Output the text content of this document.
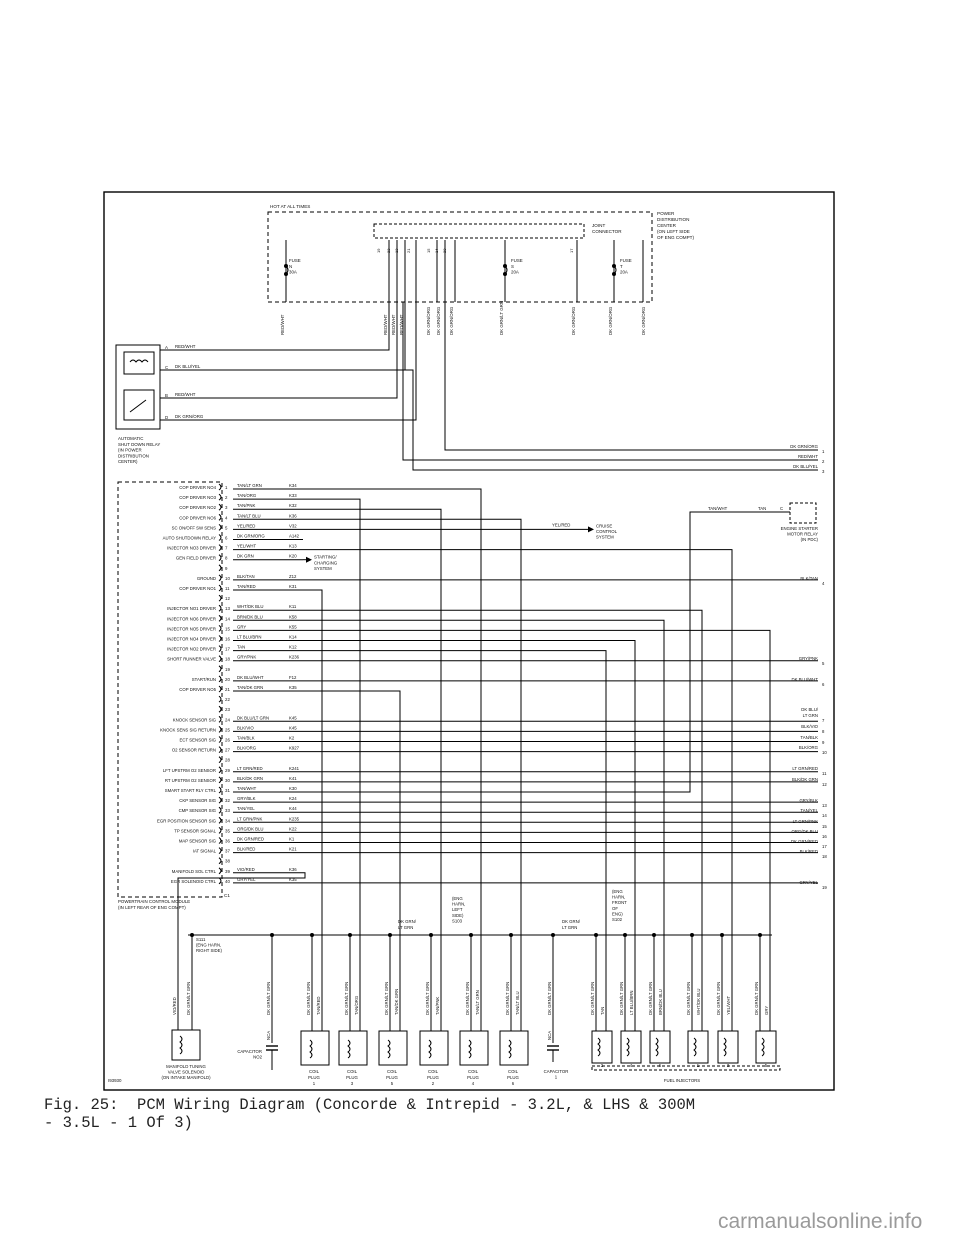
I93930
HOT AT ALL TIMES
POWER
DISTRIBUTION
CENTER
(ON LEFT SIDE
OF ENG COMPT)
JOINT
CONNECTOR
FUSE
N
30A
FUSE
S
20A
FUSE
T
20A
19 23 13 21	15 14 20	17
RED/WHT	RED/WHT RED/WHT RED/WHT	DK GRN/ORG DK GRN/ORG DK GRN/ORG	DK GRN/LT GRN	DK GRN/ORG	DK GRN/ORG	DK GRN/ORG
AUTOMATIC
SHUT DOWN RELAY
(IN POWER
DISTRIBUTION
CENTER)
A RED/WHT
C DK BLU/YEL
B RED/WHT
D DK GRN/ORG
POWERTRAIN CONTROL MODULE
(IN LEFT REAR OF ENG COMPT)
C1
1
COP DRIVER NO4	TAN/LT GRN	K34
2
COP DRIVER NO3	TAN/ORG	K33
3
COP DRIVER NO2	TAN/PNK	K32
4
COP DRIVER NO6	TAN/LT BLU	K36
5
SC ON/OFF SW SENS	YEL/RED	V32
6
AUTO SHUTDOWN RELAY	DK GRN/ORG	A142
7
INJECTOR NO3 DRIVER	YEL/WHT	K13
8
GEN FIELD DRIVER	DK GRN	K20
9
10
GROUND	BLK/TAN	Z12
11
COP DRIVER NO1	TAN/RED	K31
12
13
INJECTOR NO1 DRIVER	WHT/DK BLU	K11
14
INJECTOR NO6 DRIVER	BRN/DK BLU	K58
15
INJECTOR NO5 DRIVER	GRY	K55
16
INJECTOR NO4 DRIVER	LT BLU/BRN	K14
17
INJECTOR NO2 DRIVER	TAN	K12
18
SHORT RUNNER VALVE	GRY/PNK	K236
19
20
START/RUN	DK BLU/WHT	F12
21
COP DRIVER NO5	TAN/DK GRN	K35
22
23
24
KNOCK SENSOR SIG	DK BLU/LT GRN	K45
25
KNOCK SENS SIG RETURN	BLK/VIO	K45
26
ECT SENSOR SIG	TAN/BLK	K2
27
O2 SENSOR RETURN	BLK/ORG	K927
28
29
LFT UPSTRM O2 SENSOR	LT GRN/RED	K241
30
RT UPSTRM O2 SENSOR	BLK/DK GRN	K41
31
SMART START RLY CTRL	TAN/WHT	K30
32
CKP SENSOR SIG	GRY/BLK	K24
33
CMP SENSOR SIG	TAN/YEL	K44
34
EGR POSITION SENSOR SIG	LT GRN/PNK	K235
35
TP SENSOR SIGNAL	ORG/DK BLU	K22
36
MAP SENSOR SIG	DK GRN/RED	K1
37
IAT SIGNAL	BLK/RED	K21
38
39
MANIFOLD SOL CTRL	VIO/RED	K36
40
EGR SOLENOID CTRL	GRY/YEL	K35
YEL/RED	CRUISE
CONTROL
SYSTEM
STARTING/
CHARGING
SYSTEM
TAN/WHT	TAN	C
ENGINE STARTER
MOTOR RELAY
(IN PDC)
DK GRN/ORG
1
RED/WHT
2
DK BLU/YEL
3
BLK/TAN
4
GRY/PNK
5
DK BLU/WHT
6
DK BLU/
LT GRN
7
BLK/VIO
8
TAN/BLK
9
BLK/ORG
10
LT GRN/RED
11
BLK/DK GRN
12
GRY/BLK
13
TAN/YEL
14
LT GRN/PNK
15
ORG/DK BLU
16
DK GRN/RED
17
BLK/RED
18
GRY/YEL
19
S111
(ENG HARN,
RIGHT SIDE)
(ENG
HARN,
LEFT
SIDE)
S103
(ENG
HARN,
FRONT
OF
ENG)
S102
DK GRN/
LT GRN
DK GRN/
LT GRN
MANIFOLD TUNING
VALVE SOLENOID
(ON INTAKE MANIFOLD)
VIO/RED DK GRN/LT GRN	DK GRN/LT GRN
NCA
CAPACITOR
NO2
DK GRN/LT GRN TAN/RED
COIL
PLUG
1
DK GRN/LT GRN TAN/ORG
COIL
PLUG
3
DK GRN/LT GRN TAN/DK GRN
COIL
PLUG
5
DK GRN/LT GRN TAN/PNK
COIL
PLUG
2
DK GRN/LT GRN TAN/LT GRN
COIL
PLUG
4
DK GRN/LT GRN TAN/LT BLU
COIL
PLUG
6
DK GRN/LT GRN
NCA
CAPACITOR
1
FUEL INJECTORS
DK GRN/LT GRN TAN
2
DK GRN/LT GRN LT BLU/BRN
4
DK GRN/LT GRN BRN/DK BLU
6
DK GRN/LT GRN WHT/DK BLU
1
DK GRN/LT GRN YEL/WHT
3
DK GRN/LT GRN GRY
5
Fig. 25:  PCM Wiring Diagram (Concorde & Intrepid - 3.2L, & LHS & 300M
- 3.5L - 1 Of 3)
carmanualsonline.info
